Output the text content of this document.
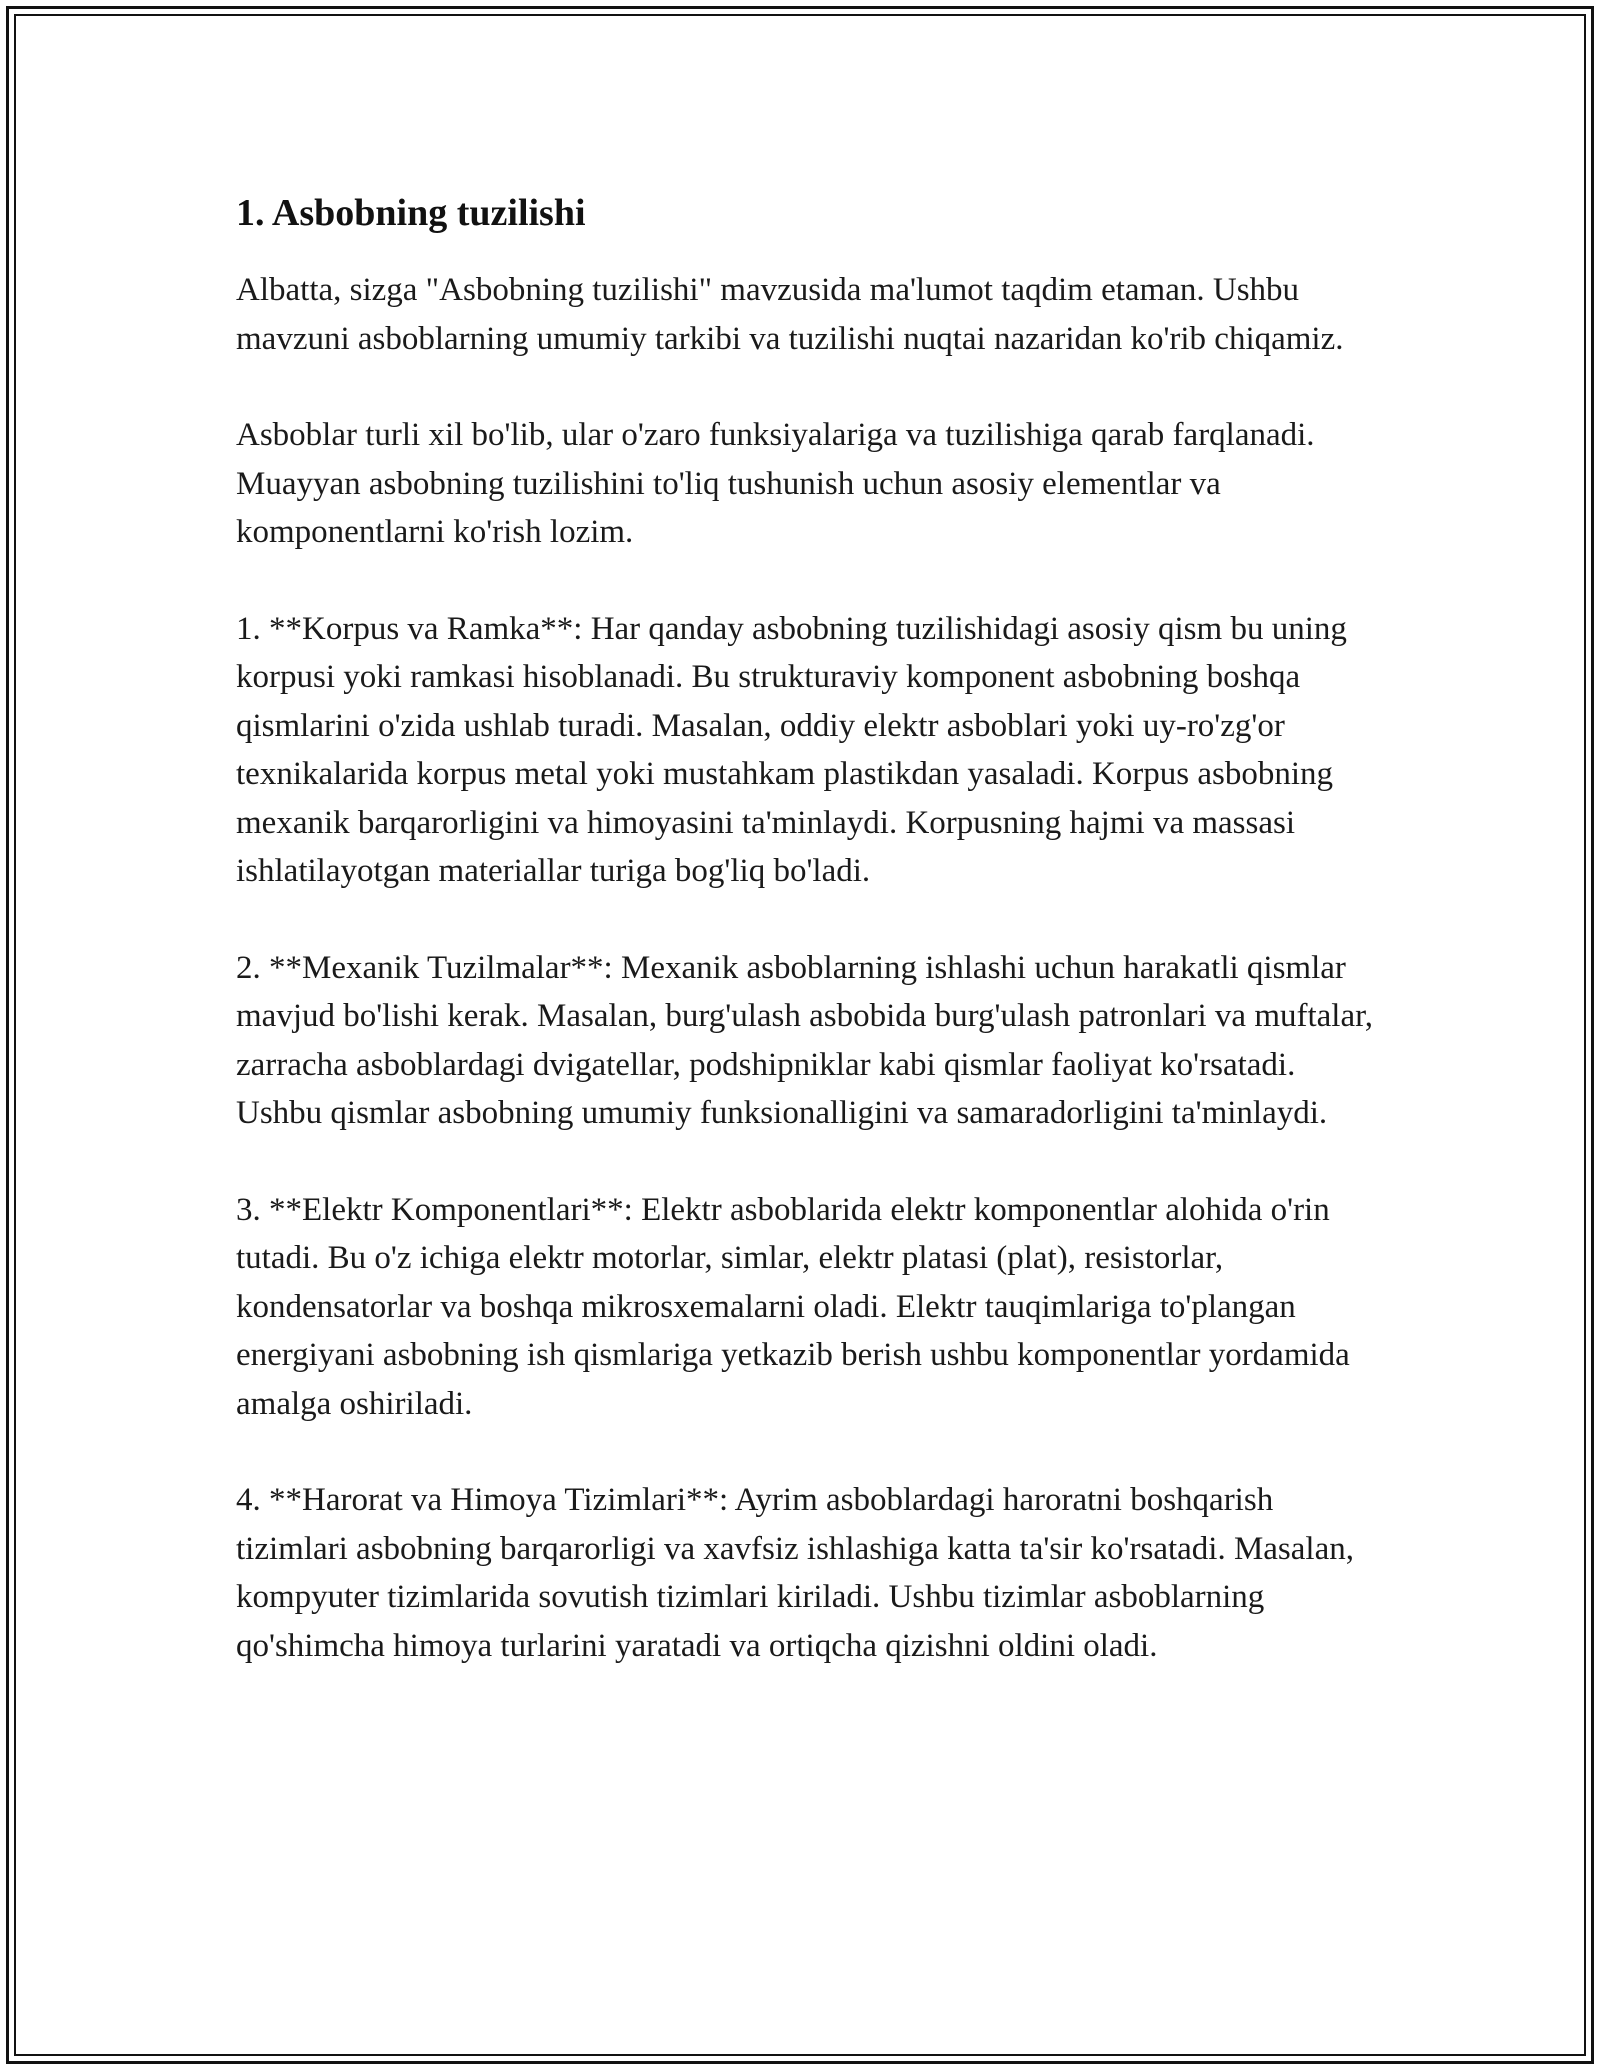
1. Asbobning tuzilishi

Albatta, sizga "Asbobning tuzilishi" mavzusida ma'lumot taqdim etaman. Ushbu mavzuni asboblarning umumiy tarkibi va tuzilishi nuqtai nazaridan ko'rib chiqamiz.

Asboblar turli xil bo'lib, ular o'zaro funksiyalariga va tuzilishiga qarab farqlanadi. Muayyan asbobning tuzilishini to'liq tushunish uchun asosiy elementlar va komponentlarni ko'rish lozim.

1. **Korpus va Ramka**: Har qanday asbobning tuzilishidagi asosiy qism bu uning korpusi yoki ramkasi hisoblanadi. Bu strukturaviy komponent asbobning boshqa qismlarini o'zida ushlab turadi. Masalan, oddiy elektr asboblari yoki uy-ro'zg'or texnikalarida korpus metal yoki mustahkam plastikdan yasaladi. Korpus asbobning mexanik barqarorligini va himoyasini ta'minlaydi. Korpusning hajmi va massasi ishlatilayotgan materiallar turiga bog'liq bo'ladi.

2. **Mexanik Tuzilmalar**: Mexanik asboblarning ishlashi uchun harakatli qismlar mavjud bo'lishi kerak. Masalan, burg'ulash asbobida burg'ulash patronlari va muftalar, zarracha asboblardagi dvigatellar, podshipniklar kabi qismlar faoliyat ko'rsatadi. Ushbu qismlar asbobning umumiy funksionalligini va samaradorligini ta'minlaydi.

3. **Elektr Komponentlari**: Elektr asboblarida elektr komponentlar alohida o'rin tutadi. Bu o'z ichiga elektr motorlar, simlar, elektr platasi (plat), resistorlar, kondensatorlar va boshqa mikrosxemalarni oladi. Elektr tauqimlariga to'plangan energiyani asbobning ish qismlariga yetkazib berish ushbu komponentlar yordamida amalga oshiriladi.

4. **Harorat va Himoya Tizimlari**: Ayrim asboblardagi haroratni boshqarish tizimlari asbobning barqarorligi va xavfsiz ishlashiga katta ta'sir ko'rsatadi. Masalan, kompyuter tizimlarida sovutish tizimlari kiriladi. Ushbu tizimlar asboblarning qo'shimcha himoya turlarini yaratadi va ortiqcha qizishni oldini oladi.
